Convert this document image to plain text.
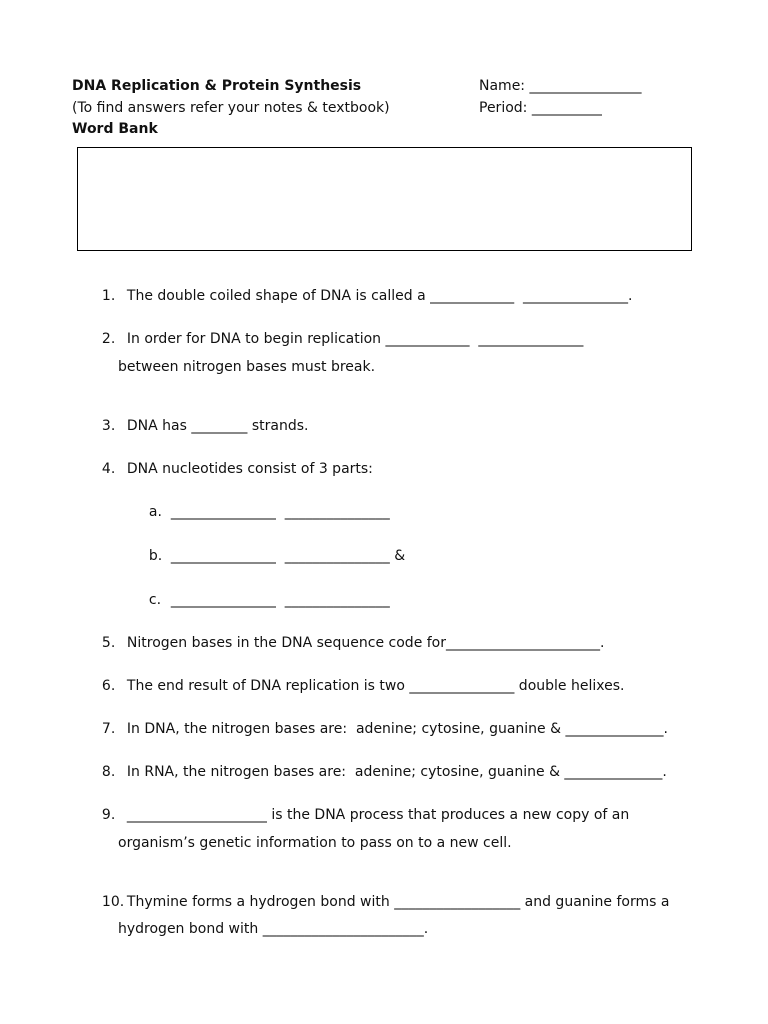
DNA Replication & Protein Synthesis
(To find answers refer your notes & textbook)
Word Bank
Name: ________________
Period: __________

1. The double coiled shape of DNA is called a ____________  _______________.

2. In order for DNA to begin replication ____________  _______________

between nitrogen bases must break.

3. DNA has ________ strands.

4. DNA nucleotides consist of 3 parts:

a. _______________  _______________

b. _______________  _______________ &

c. _______________  _______________

5. Nitrogen bases in the DNA sequence code for______________________.

6. The end result of DNA replication is two _______________ double helixes.

7. In DNA, the nitrogen bases are:  adenine; cytosine, guanine & ______________.

8. In RNA, the nitrogen bases are:  adenine; cytosine, guanine & ______________.

9. ____________________ is the DNA process that produces a new copy of an

organism’s genetic information to pass on to a new cell.

10. Thymine forms a hydrogen bond with __________________ and guanine forms a

hydrogen bond with _______________________.
